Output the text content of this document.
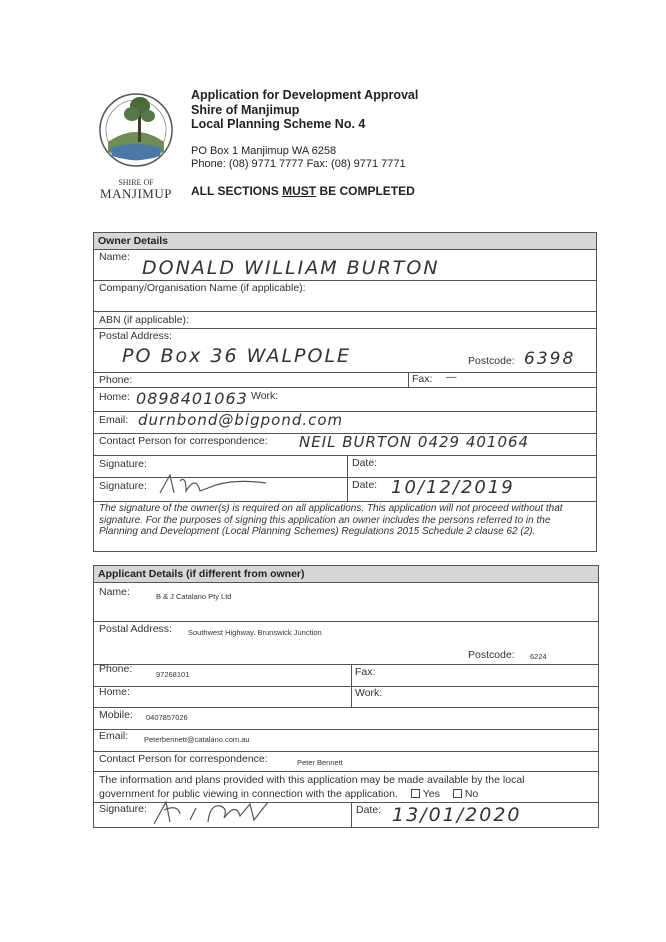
SHIRE OF
MANJIMUP
Application for Development Approval
Shire of Manjimup
Local Planning Scheme No. 4
PO Box 1 Manjimup WA 6258
Phone: (08) 9771 7777 Fax: (08) 9771 7771
ALL SECTIONS MUST BE COMPLETED
Owner Details
Name: DONALD WILLIAM BURTON
Company/Organisation Name (if applicable):
ABN (if applicable):
Postal Address:
PO Box 36 WALPOLE	Postcode: 6398
Phone:	Fax: —
Home: 0898401063 Work:
Email: durnbond@bigpond.com
Contact Person for correspondence: NEIL BURTON 0429 401064
Signature:	Date:
Signature:	Date: 10/12/2019
The signature of the owner(s) is required on all applications. This application will not proceed without that signature. For the purposes of signing this application an owner includes the persons referred to in the Planning and Development (Local Planning Schemes) Regulations 2015 Schedule 2 clause 62 (2).
Applicant Details (if different from owner)
Name:	B & J Catalano Pty Ltd
Postal Address: Southwest Highway, Brunswick Junction
Postcode: 6224
Phone:	97268101	Fax:
Home:	Work:
Mobile: 0407857026
Email: Peterbennett@catalano.com.au
Contact Person for correspondence:	Peter Bennett
The information and plans provided with this application may be made available by the local
government for public viewing in connection with the application. Yes No
Signature:	Date: 13/01/2020
